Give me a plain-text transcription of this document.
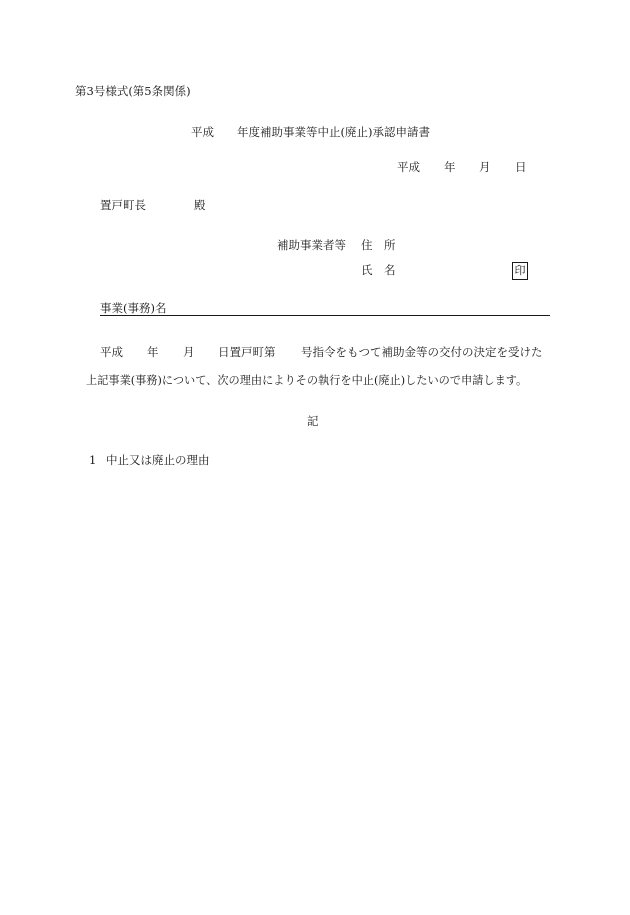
第3号様式(第5条関係)
平成 年度補助事業等中止(廃止)承認申請書
平成 年 月 日
置戸町長	殿
補助事業者等 住　所
氏　名	印
事業(事務)名
平成 年 月 日置戸町第 号指令をもつて補助金等の交付の決定を受けた
上記事業(事務)について、次の理由によりその執行を中止(廃止)したいので申請します。
記
1 中止又は廃止の理由
